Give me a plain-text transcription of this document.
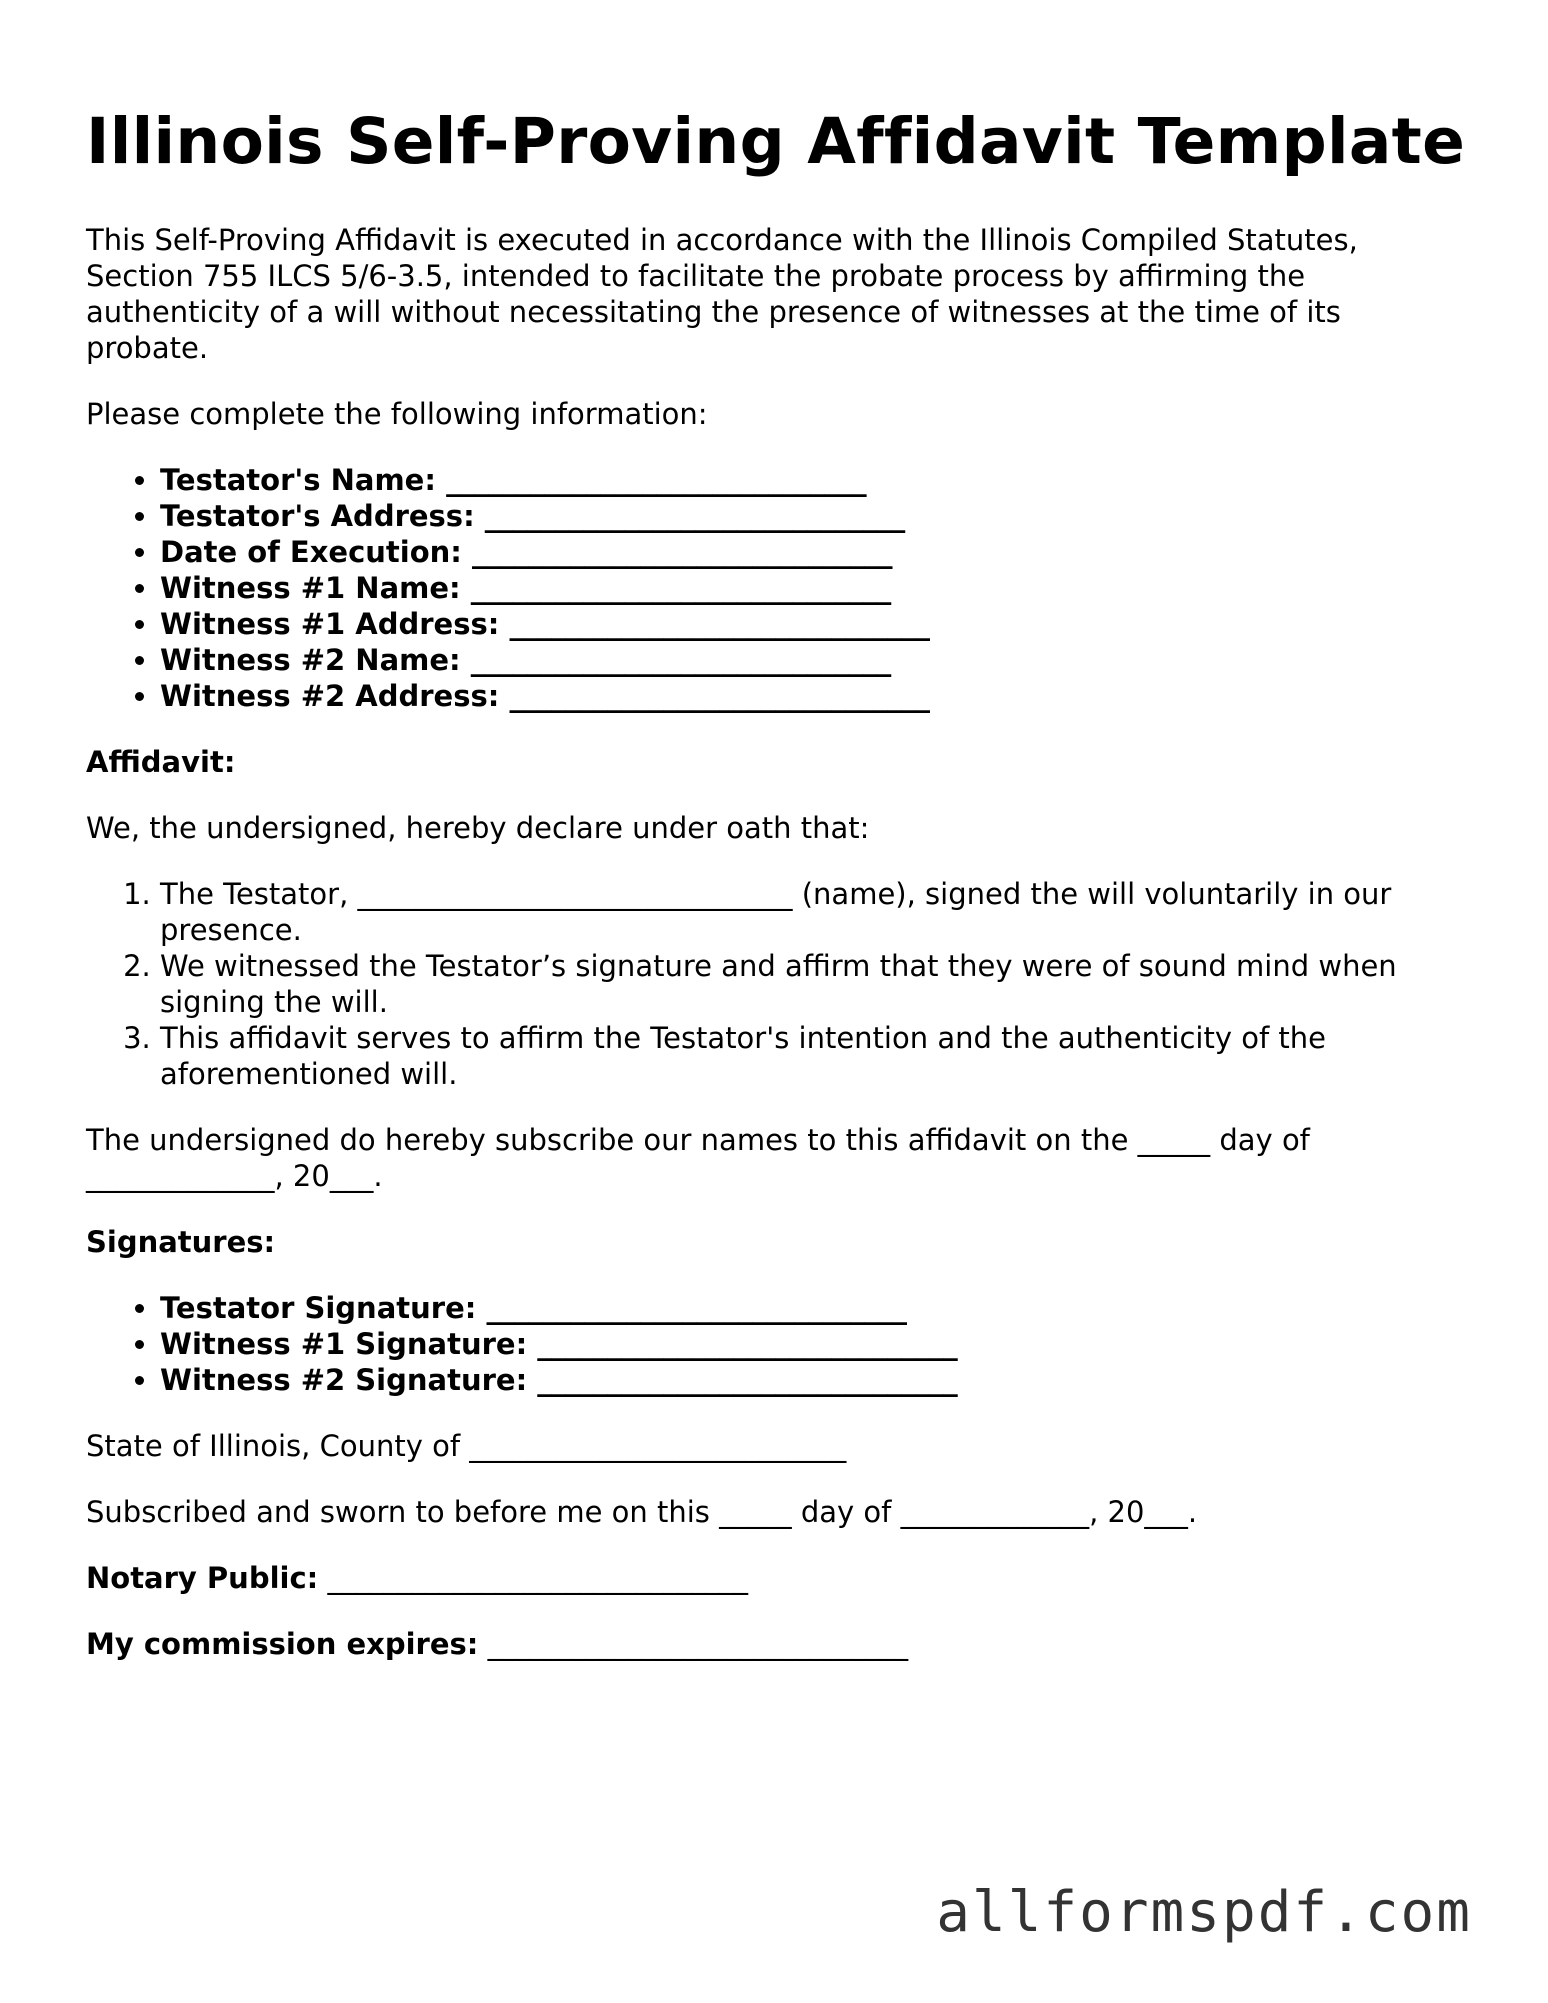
Illinois Self-Proving Affidavit Template

This Self-Proving Affidavit is executed in accordance with the Illinois Compiled Statutes, Section 755 ILCS 5/6-3.5, intended to facilitate the probate process by affirming the authenticity of a will without necessitating the presence of witnesses at the time of its probate.

Please complete the following information:

• Testator's Name: ______________________________
• Testator's Address: ______________________________
• Date of Execution: ______________________________
• Witness #1 Name: ______________________________
• Witness #1 Address: ______________________________
• Witness #2 Name: ______________________________
• Witness #2 Address: ______________________________

Affidavit:

We, the undersigned, hereby declare under oath that:

1. The Testator, ______________________________ (name), signed the will voluntarily in our presence.
2. We witnessed the Testator’s signature and affirm that they were of sound mind when signing the will.
3. This affidavit serves to affirm the Testator's intention and the authenticity of the aforementioned will.

The undersigned do hereby subscribe our names to this affidavit on the _____ day of _____________, 20___.

Signatures:

• Testator Signature: ______________________________
• Witness #1 Signature: ______________________________
• Witness #2 Signature: ______________________________

State of Illinois, County of __________________________

Subscribed and sworn to before me on this _____ day of _____________, 20___.

Notary Public: ______________________________

My commission expires: ______________________________

allformspdf.com
